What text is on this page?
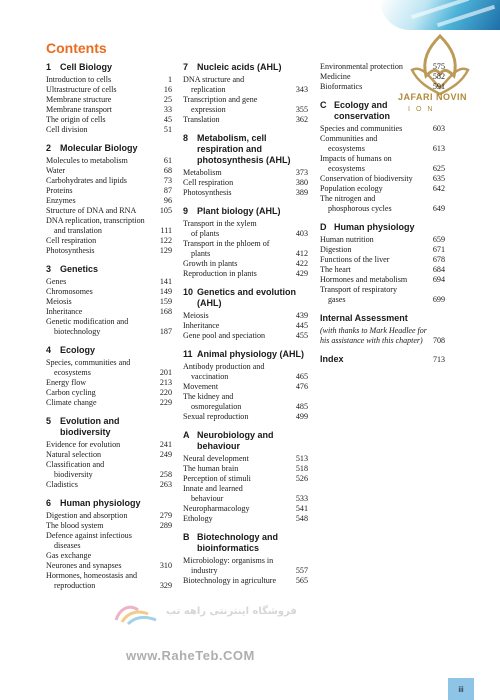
JAFARI NOVIN
ION
Contents
1 Cell Biology
Introduction to cells	1
Ultrastructure of cells	16
Membrane structure	25
Membrane transport	33
The origin of cells	45
Cell division	51
2 Molecular Biology
Molecules to metabolism	61
Water	68
Carbohydrates and lipids	73
Proteins	87
Enzymes	96
Structure of DNA and RNA	105
DNA replication, transcription
and translation	111
Cell respiration	122
Photosynthesis	129
3 Genetics
Genes	141
Chromosomes	149
Meiosis	159
Inheritance	168
Genetic modification and
biotechnology	187
4 Ecology
Species, communities and
ecosystems	201
Energy flow	213
Carbon cycling	220
Climate change	229
5 Evolution and biodiversity
Evidence for evolution	241
Natural selection	249
Classification and
biodiversity	258
Cladistics	263
6 Human physiology
Digestion and absorption	279
The blood system	289
Defence against infectious
diseases
Gas exchange
Neurones and synapses	310
Hormones, homeostasis and
reproduction	329
7 Nucleic acids (AHL)
DNA structure and
replication	343
Transcription and gene
expression	355
Translation	362
8 Metabolism, cell respiration and photosynthesis (AHL)
Metabolism	373
Cell respiration	380
Photosynthesis	389
9 Plant biology (AHL)
Transport in the xylem
of plants	403
Transport in the phloem of
plants	412
Growth in plants	422
Reproduction in plants	429
10 Genetics and evolution (AHL)
Meiosis	439
Inheritance	445
Gene pool and speciation	455
11 Animal physiology (AHL)
Antibody production and
vaccination	465
Movement	476
The kidney and
osmoregulation	485
Sexual reproduction	499
A Neurobiology and behaviour
Neural development	513
The human brain	518
Perception of stimuli	526
Innate and learned
behaviour	533
Neuropharmacology	541
Ethology	548
B Biotechnology and bioinformatics
Microbiology: organisms in
industry	557
Biotechnology in agriculture	565
Environmental protection	575
Medicine	582
Bioformatics	591
C Ecology and conservation
Species and communities	603
Communities and
ecosystems	613
Impacts of humans on
ecosystems	625
Conservation of biodiversity	635
Population ecology	642
The nitrogen and
phosphorous cycles	649
D Human physiology
Human nutrition	659
Digestion	671
Functions of the liver	678
The heart	684
Hormones and metabolism	694
Transport of respiratory
gases	699
Internal Assessment
(with thanks to Mark Headlee for
his assistance with this chapter)	708
Index	713
فروشگاه اینترنتی راهه تب
www.RaheTeb.COM
iii
